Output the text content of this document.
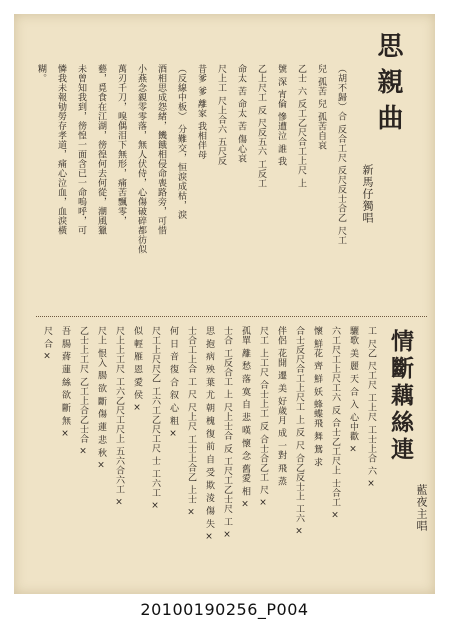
思親曲
新馬仔獨唱
（胡不歸）合 反合工尺 反尺反士合乙 尺工
兒 孤苦 兒 孤苦自哀
乙士 六 反工乙尺合工上尺 上
號 深 宵倫 慘遭泣 誰 我
乙上尺工 反 尺反五六 工反工
命太 苦 命太 苦 傷心哀
尺上工 尺上合六 五尺反
昔爹 爹 離家 我相伴母
（反線中板） 分難交，恒淚成枯，淚
酒相思成怨緒，饑餓相侵命喪路旁，可惜
小燕念親零零落，無人伏侍，心傷破碎都彷似
萬刃千刀，嗅偶泪下無形，痛苦飄零，
藝，覓食在江湖，徬徨何去何從，潮風獵
未曾知我到，徬惶一面含已一命嗚呼，可
憐我未報劬勞存孝道，痛心泣血，血淚橫
糊。
情斷藕絲連
藍夜主唱
工 尺乙 尺工尺 工上尺 工士上合 六 ×
驪歌 美 麗 天 合 入 心中歡 ×
六工尺工上尺工六 反 合士乙工尺上 士合工 ×
懷 鮮花 齊 鮮 妖 蜂蝶飛 舞 鴛 求
合士反尺合工上尺工 上 反 尺 合乙反士上 工六 ×
伴侶 花開 遷 美 好歲月 成 一對 飛 蒸
尺工 上工尺 合士上工 反 合士合乙工 尺 ×
孤單 離 愁 落 寞 自 悲 嘆 懷 念 舊愛 相 ×
士合 工反合工 上 尺上士合 反 工尺工乙士尺 工 ×
思 抱 病 殃 葉 尤 朝 槐 復 前 自 受 欺 淩 傷 失 ×
士合工上合 工 尺 尺上尺 工士上合乙 上士 ×
何 日 音 復 合 叙 心 粗 ×
尺工上尺尺乙 工六工乙尺工尺 士 工六工 ×
似 輕 雁 恩 愛 侯 ×
尺上上工尺 工六乙尺工尺上 五六合六工 ×
尺上 恨入 腸 欲 斷 傷 蓮 悲 秋 ×
乙士上工尺 乙工上合乙士合 ×
吾 腸 蔣 蓮 絲 欲 斷 無 ×
尺 合 ×
20100190256_P004
